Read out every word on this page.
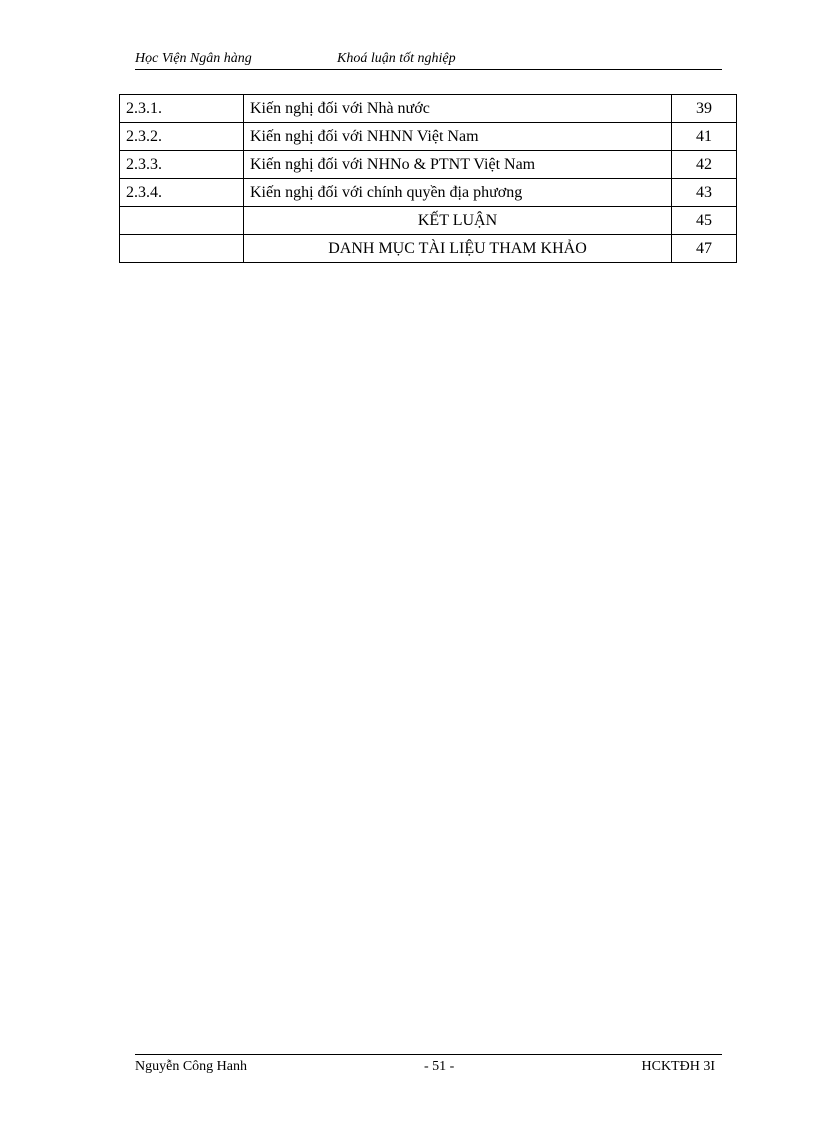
Học Viện Ngân hàng	Khoá luận tốt nghiệp
2.3.1.	Kiến nghị đối với Nhà nước	39
2.3.2.	Kiến nghị đối với NHNN Việt Nam	41
2.3.3.	Kiến nghị đối với NHNo & PTNT Việt Nam	42
2.3.4.	Kiến nghị đối với chính quyền địa phương	43
	KẾT LUẬN	45
	DANH MỤC TÀI LIỆU THAM KHẢO	47
Nguyễn Công Hanh	- 51 -	HCKTĐH 3I
